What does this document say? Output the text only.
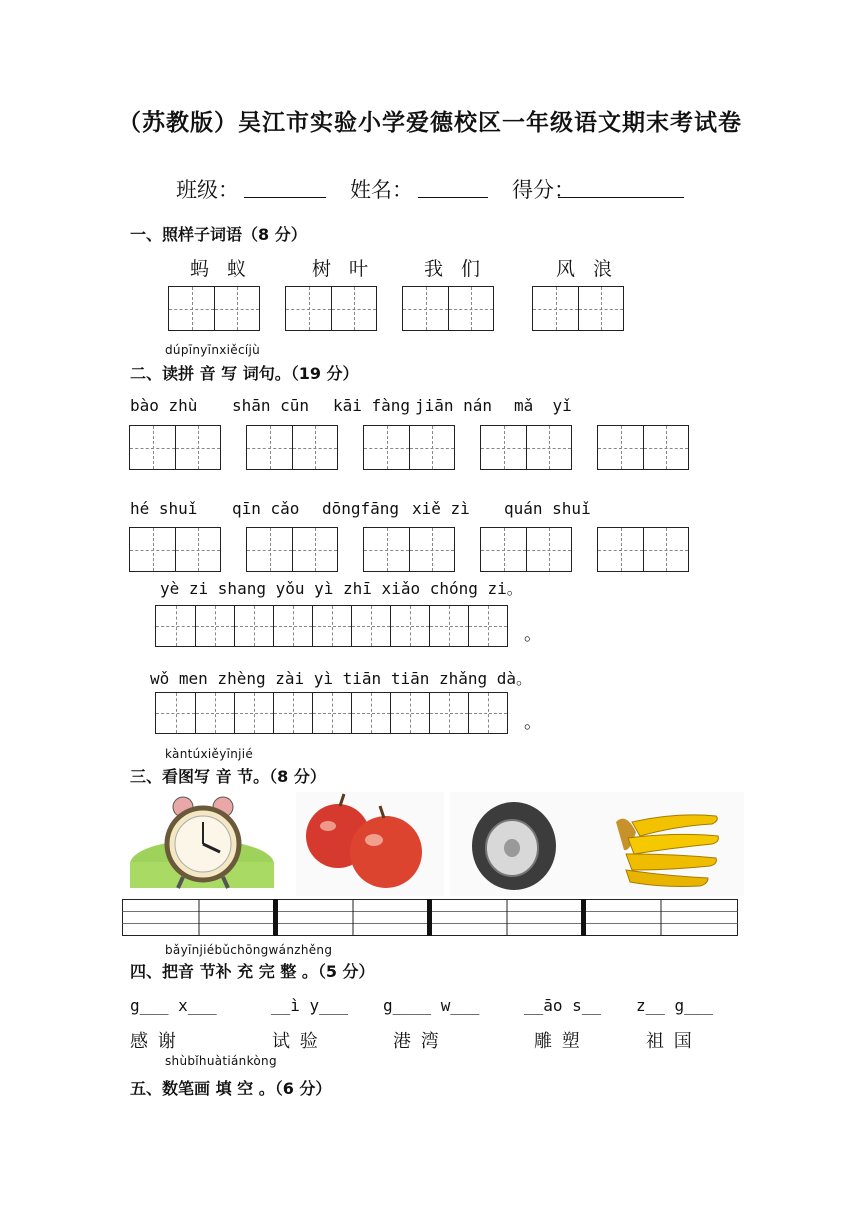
（苏教版）吴江市实验小学爱德校区一年级语文期末考试卷
班级：	姓名：	得分：
一、照样子词语（8 分）
蚂 蚁	树 叶	我 们	风 浪
dúpīnyīnxiěcíjù
二、读拼 音 写 词句。（19 分）
bào zhù shān cūn kāi fàng jiān nán mǎ  yǐ
hé shuǐ qīn cǎo dōngfāng xiě zì quán shuǐ
yè zi shang yǒu yì zhī xiǎo chóng zi。
。
wǒ men zhèng zài yì tiān tiān zhǎng dà。
。
kàntúxiěyīnjié
三、看图写 音 节。（8 分）
bǎyīnjiébǔchōngwánzhěng
四、把音 节补 充 完 整 。（5 分）
g___ x___	__ì y___ g____ w___	__āo s__ z__ g___
感 谢	试 验	港 湾	雕 塑	祖 国
shùbǐhuàtiánkòng
五、数笔画 填 空 。（6 分）
